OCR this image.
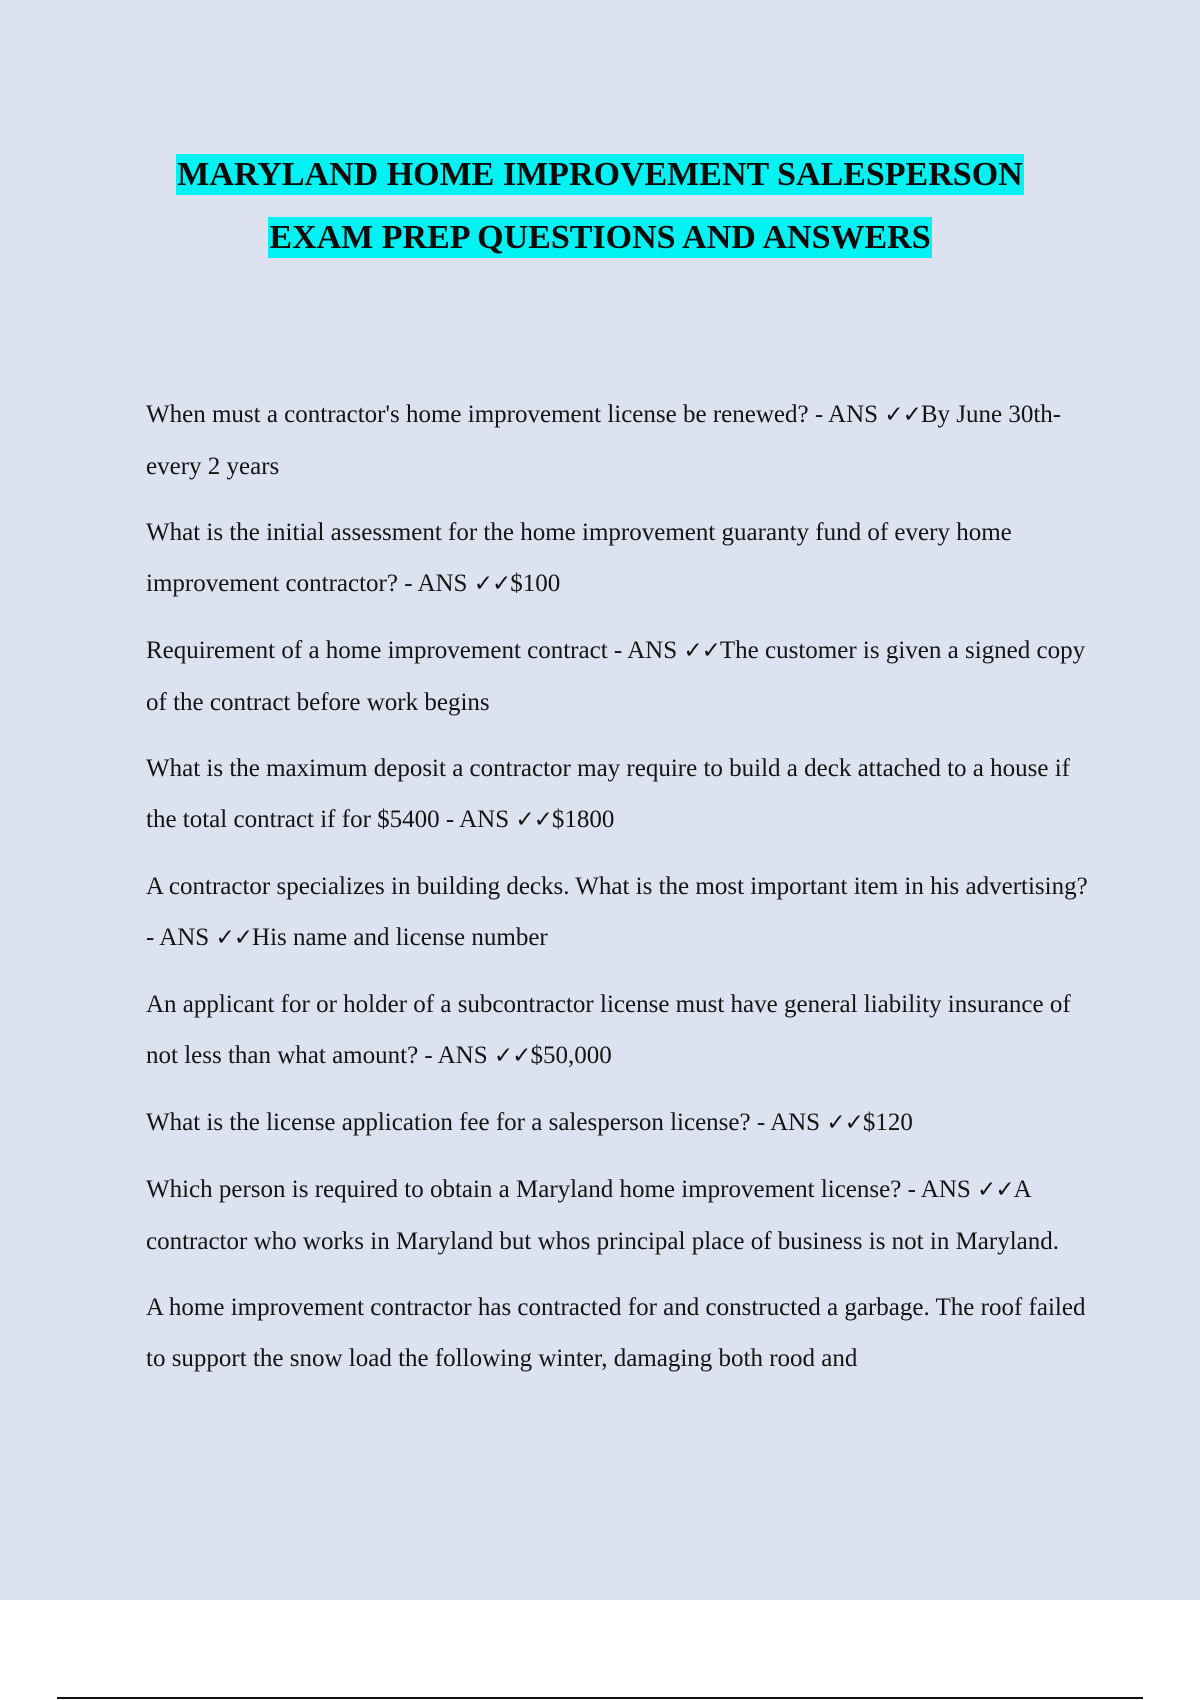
MARYLAND HOME IMPROVEMENT SALESPERSON
EXAM PREP QUESTIONS AND ANSWERS

When must a contractor's home improvement license be renewed? - ANS ✓✓By June 30th- every 2 years

What is the initial assessment for the home improvement guaranty fund of every home improvement contractor? - ANS ✓✓$100

Requirement of a home improvement contract - ANS ✓✓The customer is given a signed copy of the contract before work begins

What is the maximum deposit a contractor may require to build a deck attached to a house if the total contract if for $5400 - ANS ✓✓$1800

A contractor specializes in building decks. What is the most important item in his advertising? - ANS ✓✓His name and license number

An applicant for or holder of a subcontractor license must have general liability insurance of not less than what amount? - ANS ✓✓$50,000

What is the license application fee for a salesperson license? - ANS ✓✓$120

Which person is required to obtain a Maryland home improvement license? - ANS ✓✓A contractor who works in Maryland but whos principal place of business is not in Maryland.

A home improvement contractor has contracted for and constructed a garbage. The roof failed to support the snow load the following winter, damaging both rood and
